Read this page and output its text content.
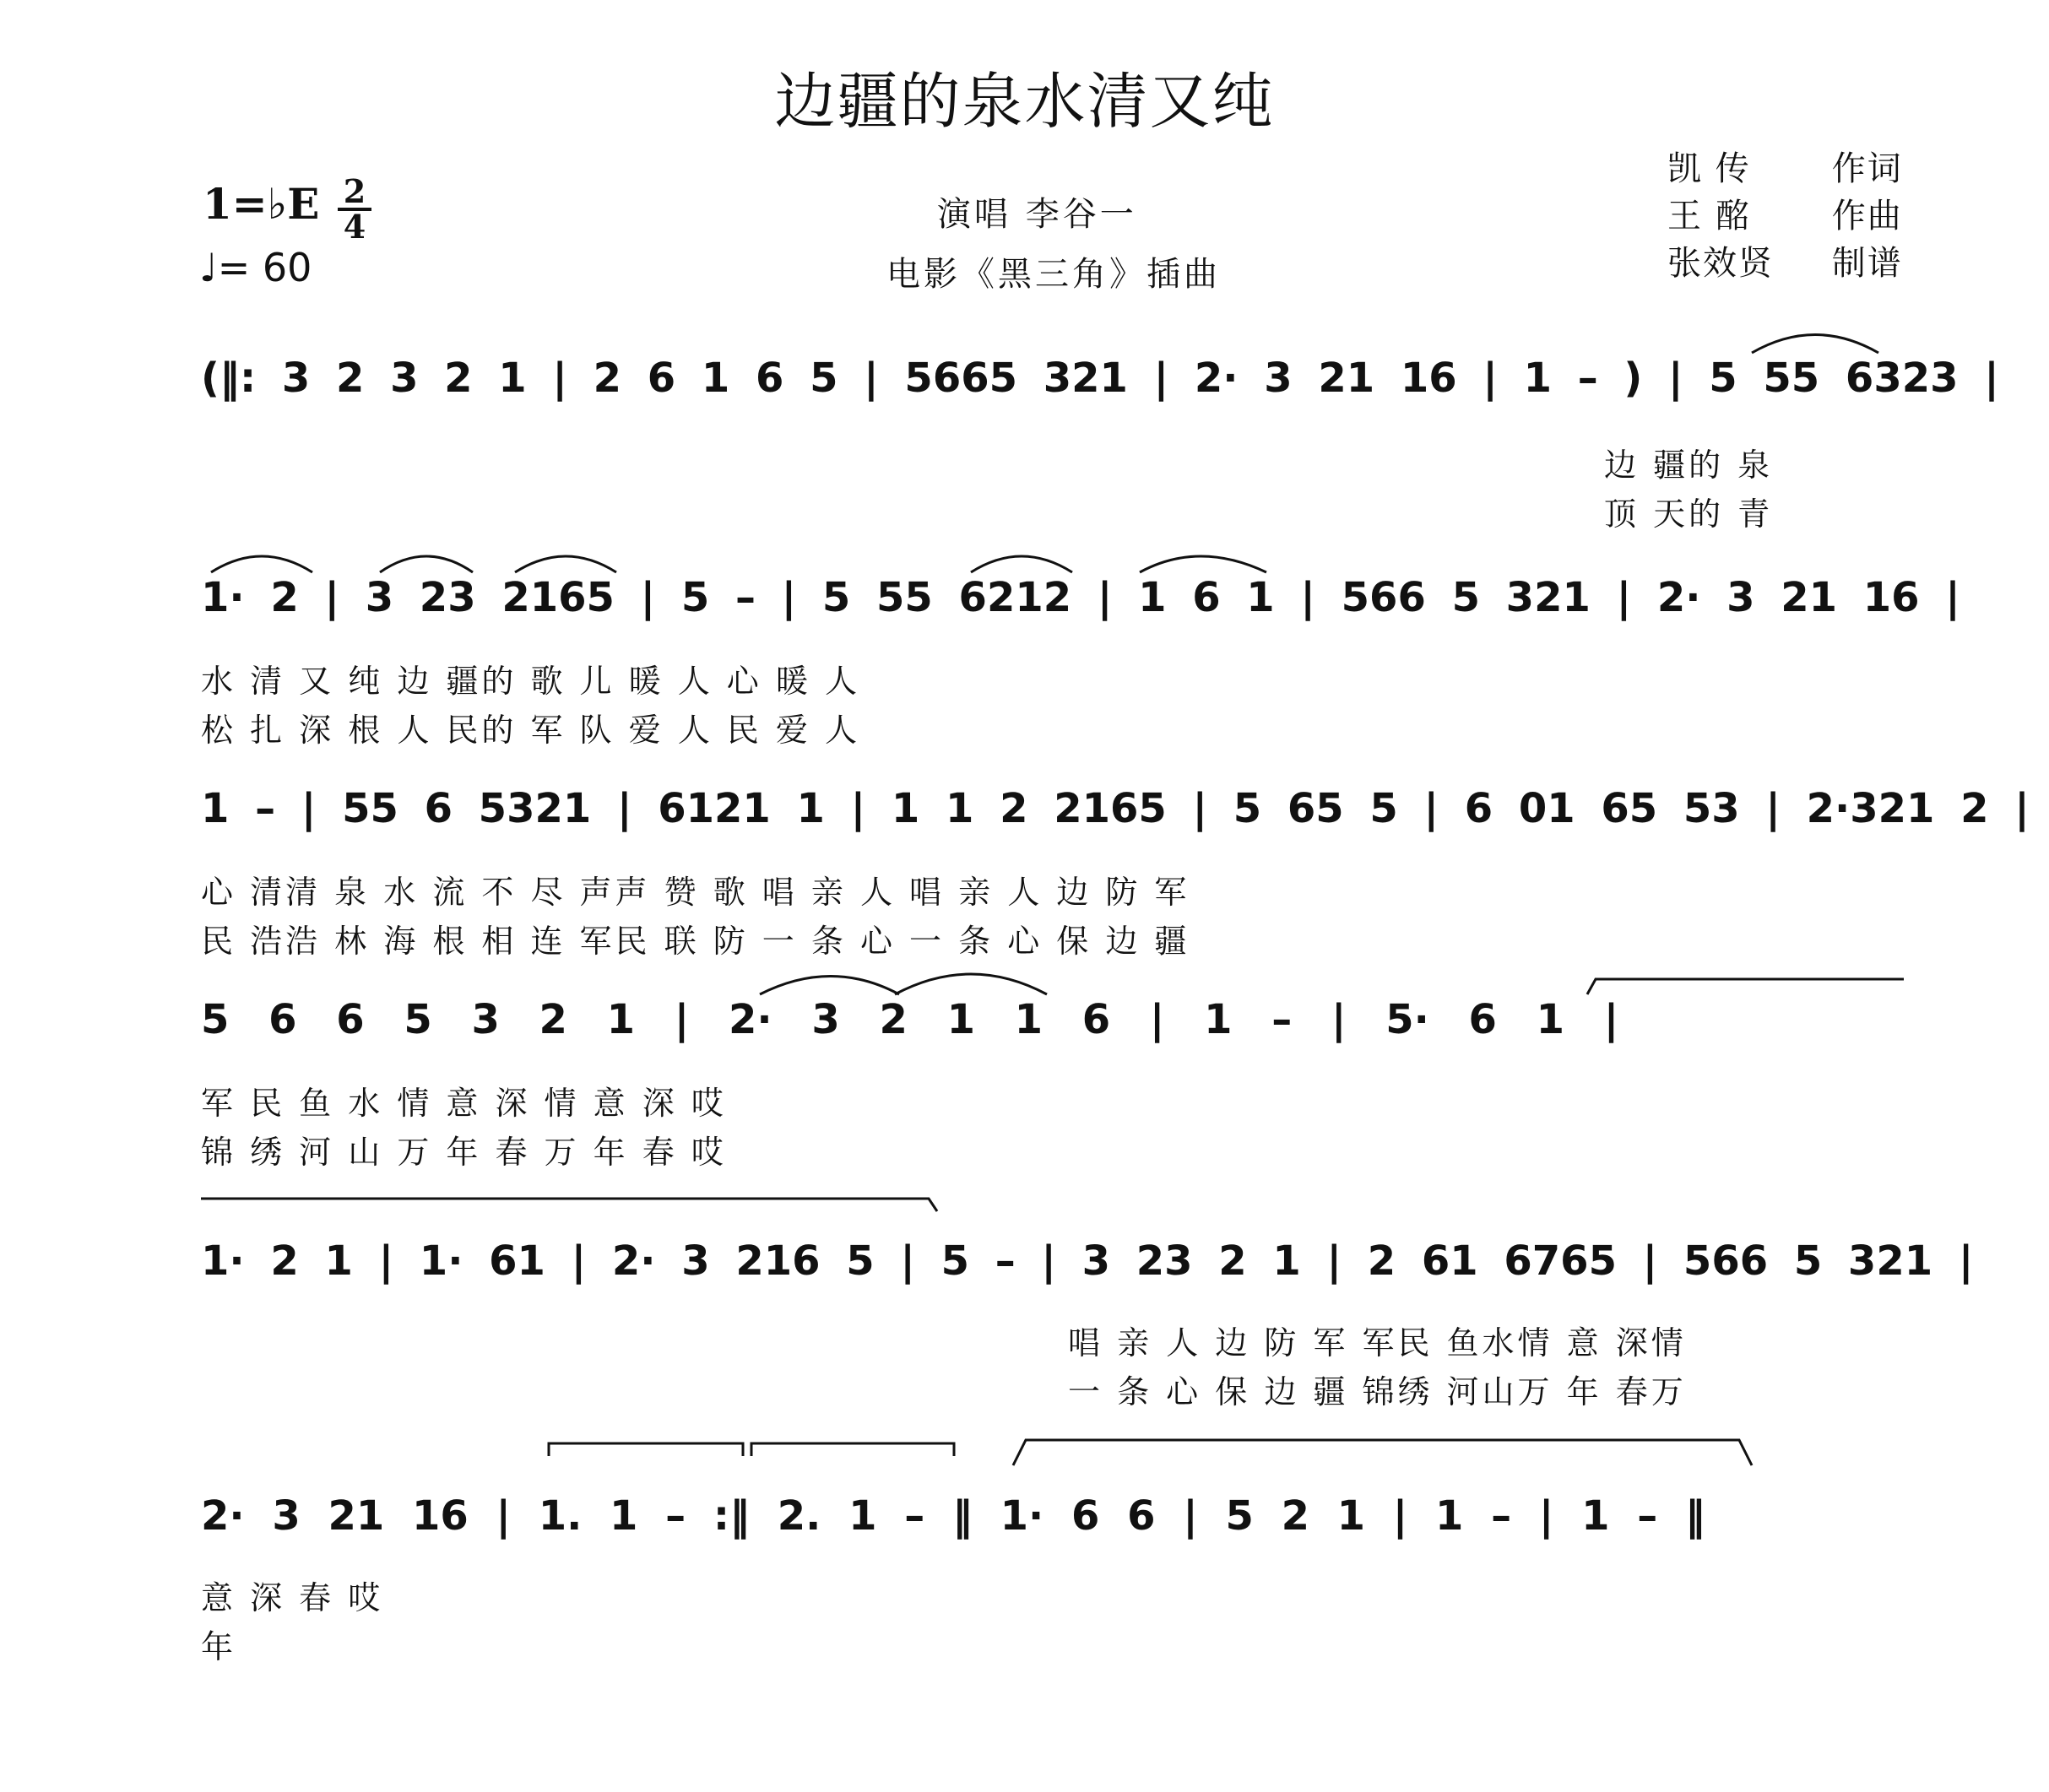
边疆的泉水清又纯
1=♭E 2
4
♩= 60
演唱 李谷一
电影《黑三角》插曲
凯 传 作词
王 酩 作曲
张效贤 制谱
(‖: 3 2 3 2 1 | 2 6 1 6 5 | 5665 321 | 2· 3 21 16 | 1 – ) | 5 55 6323 |
边 疆的 泉
顶 天的 青
1· 2 | 3 23 2165 | 5 – | 5 55 6212 | 1 6 1 | 566 5 321 | 2· 3 21 16 |
水 清 又 纯 边 疆的 歌 儿 暖 人 心 暖 人
松 扎 深 根 人 民的 军 队 爱 人 民 爱 人
1 – | 55 6 5321 | 6121 1 | 1 1 2 2165 | 5 65 5 | 6 01 65 53 | 2·321 2 |
心 清清 泉 水 流 不 尽 声声 赞 歌 唱 亲 人 唱 亲 人 边 防 军
民 浩浩 林 海 根 相 连 军民 联 防 一 条 心 一 条 心 保 边 疆
5 6 6 5 3 2 1 | 2· 3 2 1 1 6 | 1 – | 5· 6 1 |
军 民 鱼 水 情 意 深 情 意 深 哎
锦 绣 河 山 万 年 春 万 年 春 哎
1· 2 1 | 1· 61 | 2· 3 216 5 | 5 – | 3 23 2 1 | 2 61 6765 | 566 5 321 |
唱 亲 人 边 防 军 军民 鱼水情 意 深情
一 条 心 保 边 疆 锦绣 河山万 年 春万
2· 3 21 16 | 1. 1 – :‖ 2. 1 – ‖ 1· 6 6 | 5 2 1 | 1 – | 1 – ‖
意 深 春 哎
年
